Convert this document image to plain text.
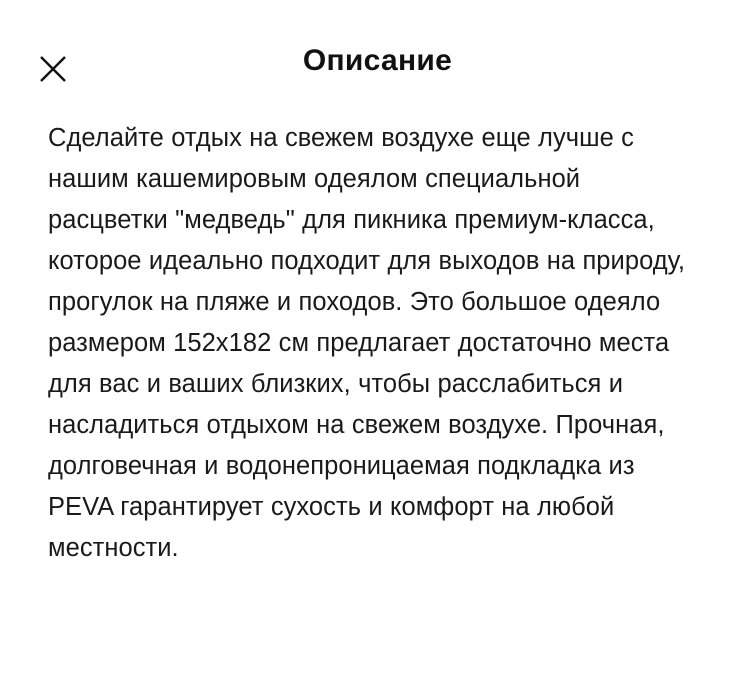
Описание

Сделайте отдых на свежем воздухе еще лучше с нашим кашемировым одеялом специальной расцветки "медведь" для пикника премиум-класса, которое идеально подходит для выходов на природу, прогулок на пляже и походов. Это большое одеяло размером 152x182 см предлагает достаточно места для вас и ваших близких, чтобы расслабиться и насладиться отдыхом на свежем воздухе. Прочная, долговечная и водонепроницаемая подкладка из PEVA гарантирует сухость и комфорт на любой местности.
